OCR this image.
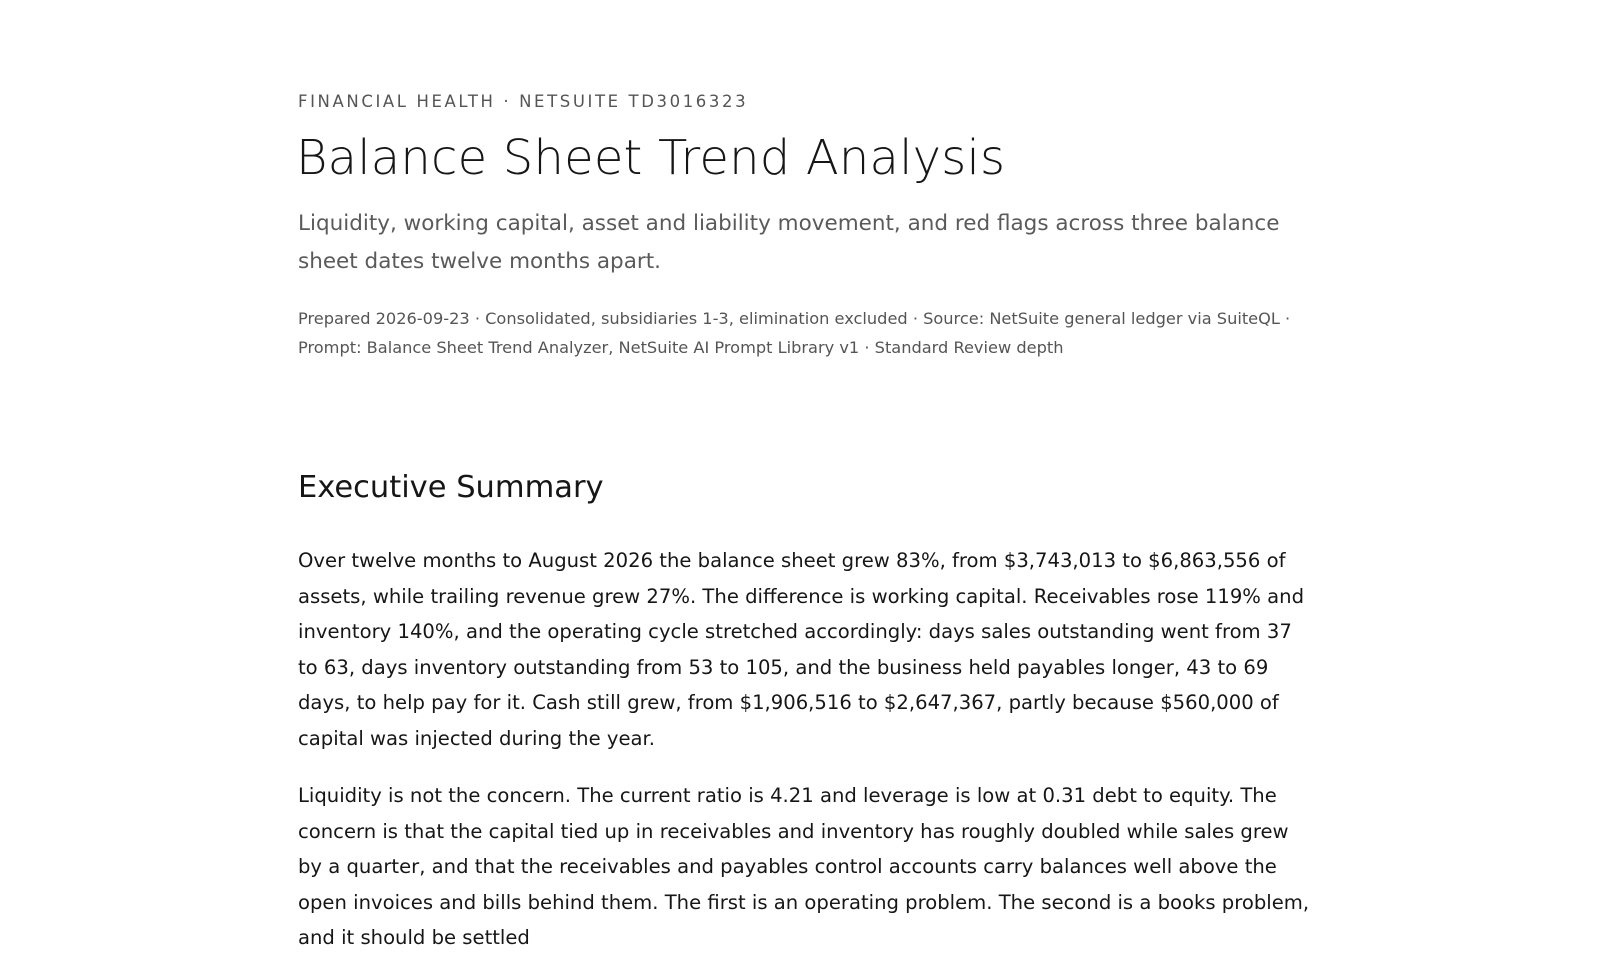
FINANCIAL HEALTH · NETSUITE TD3016323
Balance Sheet Trend Analysis

Liquidity, working capital, asset and liability movement, and red flags across three balance sheet dates twelve months apart.

Prepared 2026-09-23 · Consolidated, subsidiaries 1-3, elimination excluded · Source: NetSuite general ledger via SuiteQL · Prompt: Balance Sheet Trend Analyzer, NetSuite AI Prompt Library v1 · Standard Review depth

Executive Summary

Over twelve months to August 2026 the balance sheet grew 83%, from $3,743,013 to $6,863,556 of assets, while trailing revenue grew 27%. The difference is working capital. Receivables rose 119% and inventory 140%, and the operating cycle stretched accordingly: days sales outstanding went from 37 to 63, days inventory outstanding from 53 to 105, and the business held payables longer, 43 to 69 days, to help pay for it. Cash still grew, from $1,906,516 to $2,647,367, partly because $560,000 of capital was injected during the year.

Liquidity is not the concern. The current ratio is 4.21 and leverage is low at 0.31 debt to equity. The concern is that the capital tied up in receivables and inventory has roughly doubled while sales grew by a quarter, and that the receivables and payables control accounts carry balances well above the open invoices and bills behind them. The first is an operating problem. The second is a books problem, and it should be settled
